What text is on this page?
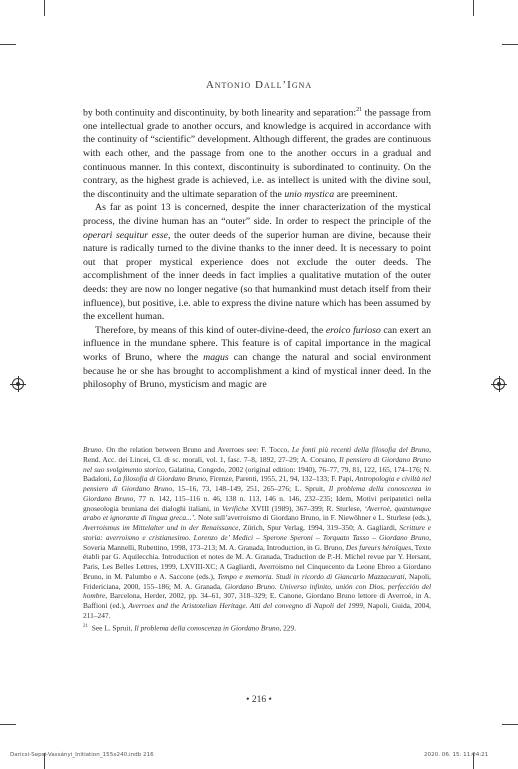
Antonio Dall’Igna

by both continuity and discontinuity, by both linearity and separation:$^{21}$ the passage from one intellectual grade to another occurs, and knowledge is acquired in accordance with the continuity of “scientific” development. Although different, the grades are continuous with each other, and the passage from one to the another occurs in a gradual and continuous manner. In this context, discontinuity is subordinated to continuity. On the contrary, as the highest grade is achieved, i.e. as intellect is united with the divine soul, the discontinuity and the ultimate separation of the unio mystica are preeminent.

As far as point 13 is concerned, despite the inner characterization of the mystical process, the divine human has an “outer” side. In order to respect the principle of the operari sequitur esse, the outer deeds of the superior human are divine, because their nature is radically turned to the divine thanks to the inner deed. It is necessary to point out that proper mystical experience does not exclude the outer deeds. The accomplishment of the inner deeds in fact implies a qualitative mutation of the outer deeds: they are now no longer negative (so that humankind must detach itself from their influence), but positive, i.e. able to express the divine nature which has been assumed by the excellent human.

Therefore, by means of this kind of outer-divine-deed, the eroico furioso can exert an influence in the mundane sphere. This feature is of capital importance in the magical works of Bruno, where the magus can change the natural and social environment because he or she has brought to accomplishment a kind of mystical inner deed. In the philosophy of Bruno, mysticism and magic are

Bruno. On the relation between Bruno and Averroes see: F. Tocco, Le fonti più recenti della filosofia del Bruno, Rend. Acc. dei Lincei, Cl. di sc. morali, vol. 1, fasc. 7–8, 1892, 27–29; A. Corsano, Il pensiero di Giordano Bruno nel suo svolgimento storico, Galatina, Congedo, 2002 (original edition: 1940), 76–77, 79, 81, 122, 165, 174–176; N. Badaloni, La filosofia di Giordano Bruno, Firenze, Parenti, 1955, 21, 94, 132–133; F. Papi, Antropologia e civiltà nel pensiero di Giordano Bruno, 15–16, 73, 148–149, 251, 265–276; L. Spruit, Il problema della conoscenza in Giordano Bruno, 77 n. 142, 115–116 n. 46, 138 n. 113, 146 n. 146, 232–235; Idem, Motivi peripatetici nella gnoseologia bruniana dei dialoghi italiani, in Verifiche XVIII (1989), 367–399; R. Sturlese, ‘Averroè, quantumque arabo et ignorante di lingua greca...’. Note sull’averroismo di Giordano Bruno, in F. Niewöhner e L. Sturlese (eds.), Averroismus im Mittelalter und in der Renaissance, Zürich, Spur Verlag, 1994, 319–350; A. Gagliardi, Scritture e storia: averroismo e cristianesimo. Lorenzo de’ Medici – Sperone Speroni – Torquato Tasso – Giordano Bruno, Soveria Mannelli, Rubettino, 1998, 173–213; M. A. Granada, Introduction, in G. Bruno, Des fureurs héroïques, Texte établi par G. Aquilecchia. Introduction et notes de M. A. Granada, Traduction de P.-H. Michel revue par Y. Hersant, Paris, Les Belles Lettres, 1999, LXVIII-XC; A Gagliardi, Averroismo nel Cinquecento da Leone Ebreo a Giordano Bruno, in M. Palumbo e A. Saccone (eds.), Tempo e memoria. Studi in ricordo di Giancarlo Mazzacurati, Napoli, Fridericiana, 2000, 155–186; M. A. Granada, Giordano Bruno. Universo infinito, unión con Dios, perfección del hombre, Barcelona, Herder, 2002, pp. 34–61, 307, 318–329; E. Canone, Giordano Bruno lettore di Averroè, in A. Baffioni (ed.), Averroes and the Aristotelian Heritage. Atti del convegno di Napoli del 1999, Napoli, Guida, 2004, 211–247.

$^{21}$ See L. Spruit, Il problema della conoscenza in Giordano Bruno, 229.

• 216 •
Daricsi-Sepsi-Vassányi_Initiation_155x240.indb 216	2020. 06. 15. 11:04:21
